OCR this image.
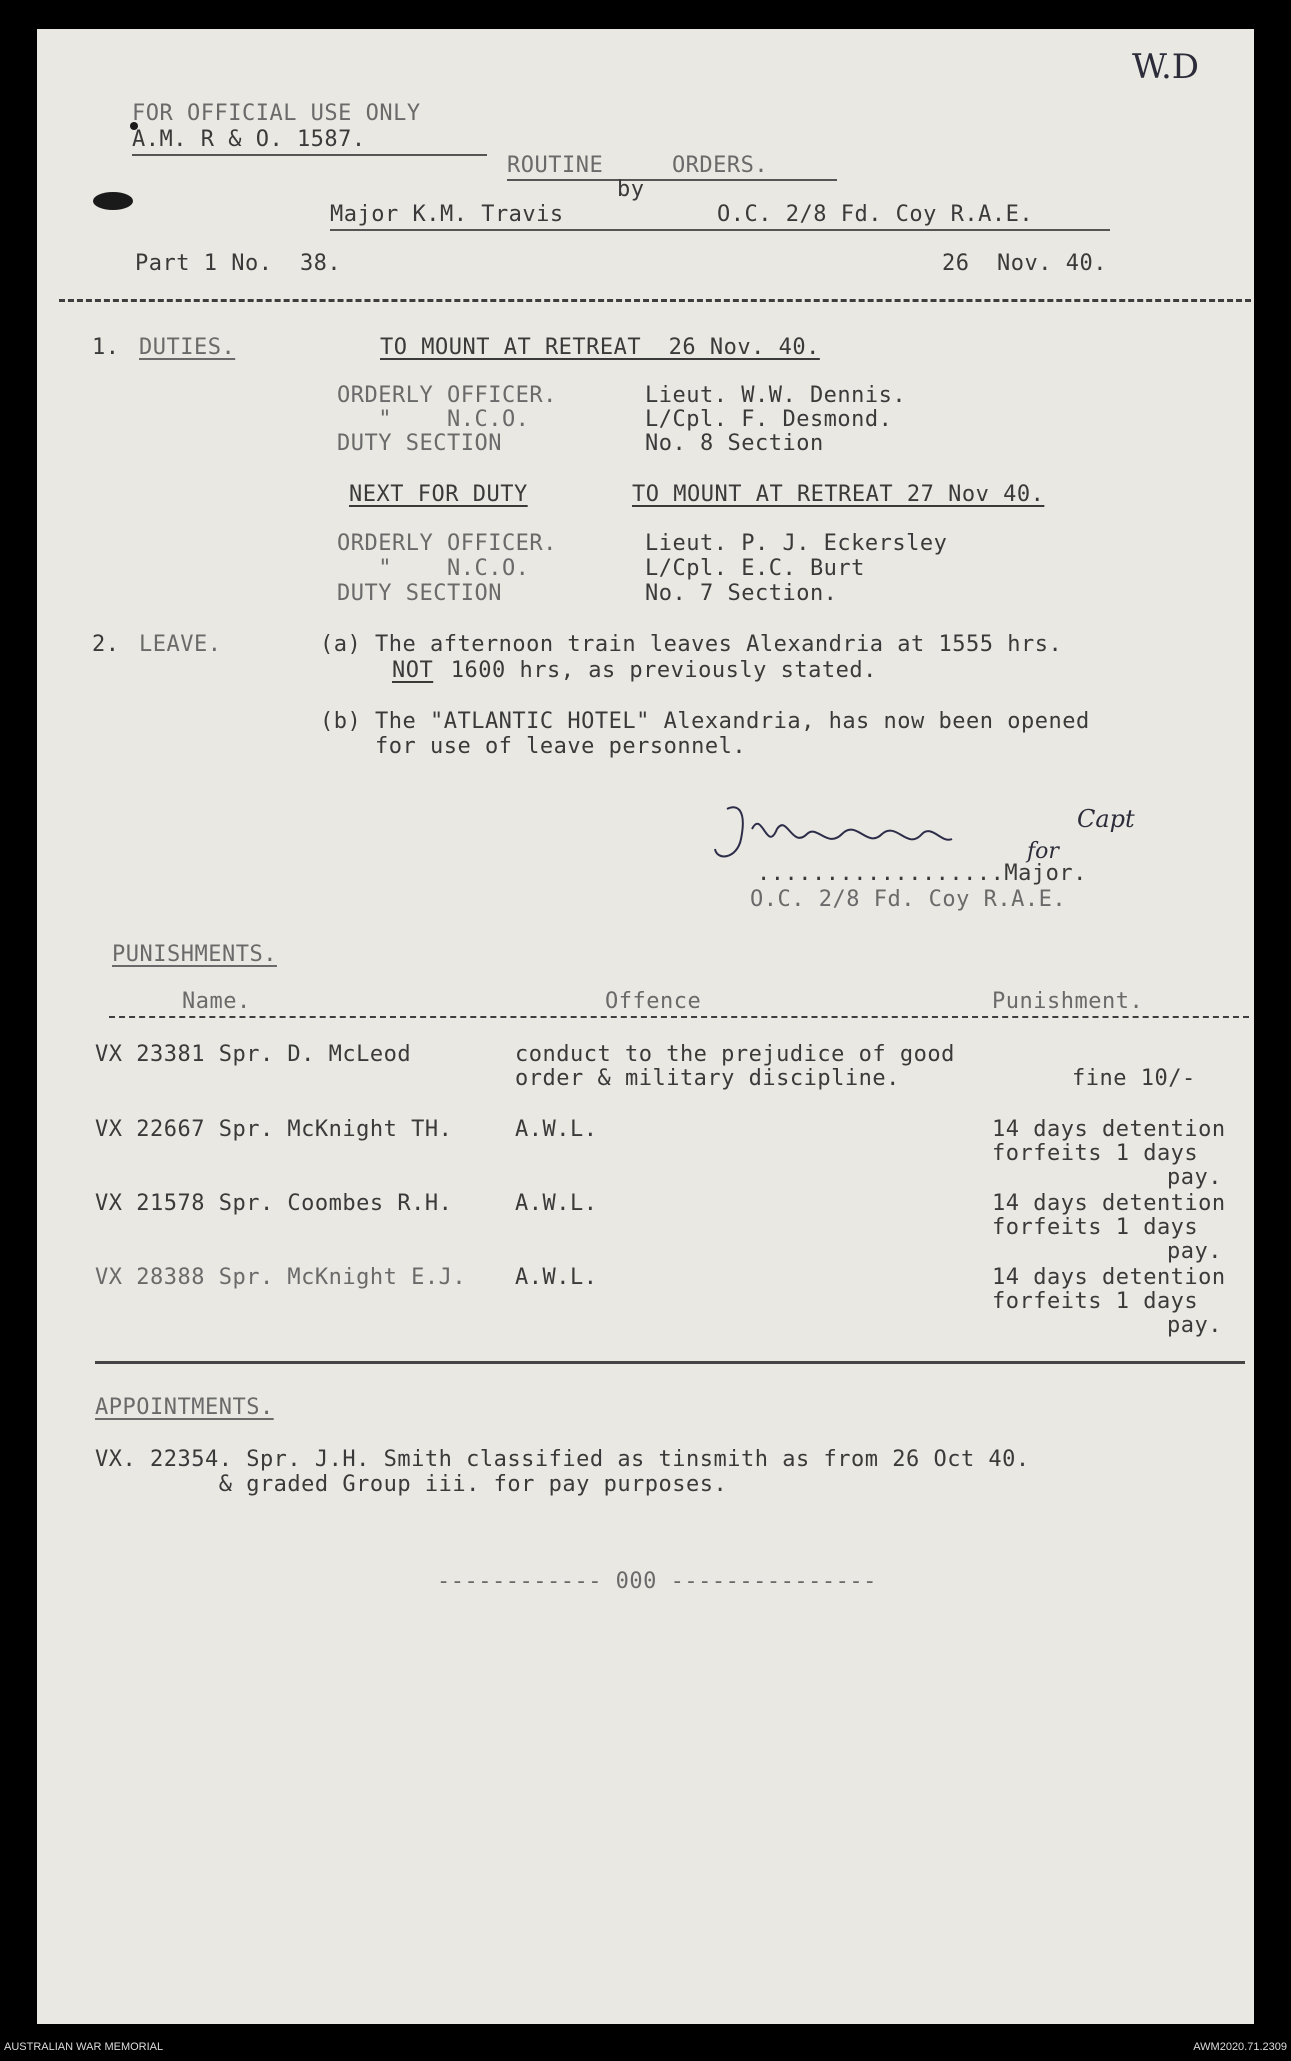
W.D
FOR OFFICIAL USE ONLY
A.M. R & O. 1587.
ROUTINE     ORDERS.
by
Major K.M. Travis	O.C. 2/8 Fd. Coy R.A.E.
Part 1 No.  38.	26  Nov. 40.
1. DUTIES.	TO MOUNT AT RETREAT  26 Nov. 40.
ORDERLY OFFICER.	Lieut. W.W. Dennis.
"    N.C.O.	L/Cpl. F. Desmond.
DUTY SECTION	No. 8 Section
NEXT FOR DUTY	TO MOUNT AT RETREAT 27 Nov 40.
ORDERLY OFFICER.	Lieut. P. J. Eckersley
"    N.C.O.	L/Cpl. E.C. Burt
DUTY SECTION	No. 7 Section.
2. LEAVE.	(a) The afternoon train leaves Alexandria at 1555 hrs.
NOT 1600 hrs, as previously stated.
(b) The "ATLANTIC HOTEL" Alexandria, has now been opened
for use of leave personnel.
Capt
for
..................Major.
O.C. 2/8 Fd. Coy R.A.E.
PUNISHMENTS.
Name.	Offence	Punishment.
VX 23381 Spr. D. McLeod	conduct to the prejudice of good
order & military discipline.	fine 10/-
VX 22667 Spr. McKnight TH.	A.W.L.	14 days detention
forfeits 1 days
pay.
VX 21578 Spr. Coombes R.H.	A.W.L.	14 days detention
forfeits 1 days
pay.
VX 28388 Spr. McKnight E.J. A.W.L.	14 days detention
forfeits 1 days
pay.
APPOINTMENTS.
VX. 22354. Spr. J.H. Smith classified as tinsmith as from 26 Oct 40.
& graded Group iii. for pay purposes.
------------ 000 ---------------
AUSTRALIAN WAR MEMORIAL	AWM2020.71.2309
